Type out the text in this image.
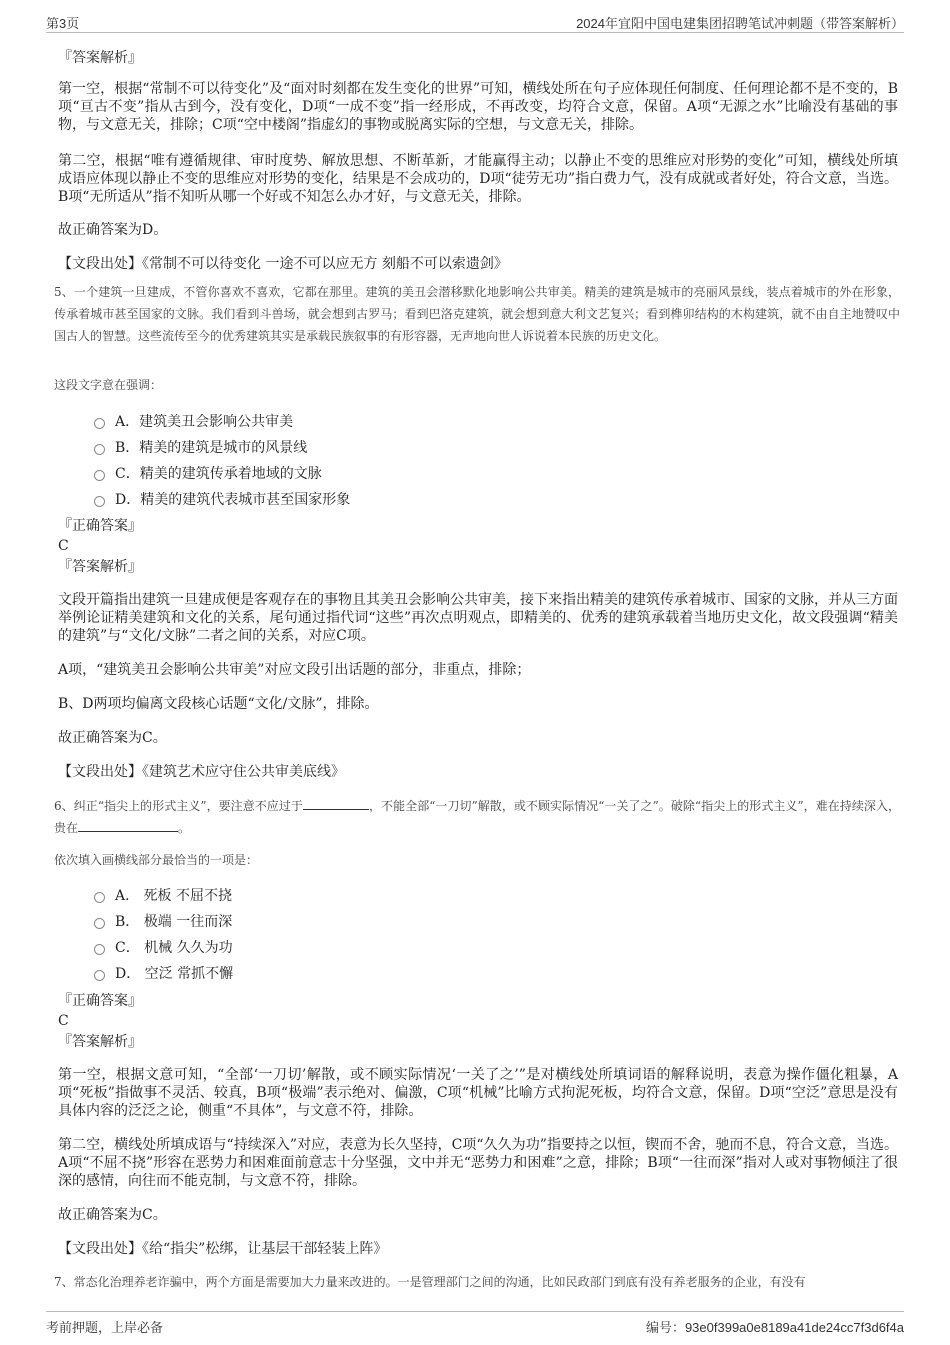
第3页	2024年宜阳中国电建集团招聘笔试冲刺题（带答案解析）

『答案解析』

第一空，根据“常制不可以待变化”及“面对时刻都在发生变化的世界”可知，横线处所在句子应体现任何制度、任何理论都不是不变的，B项“亘古不变”指从古到今，没有变化，D项“一成不变”指一经形成，不再改变，均符合文意，保留。A项“无源之水”比喻没有基础的事物，与文意无关，排除；C项“空中楼阁”指虚幻的事物或脱离实际的空想，与文意无关，排除。

第二空，根据“唯有遵循规律、审时度势、解放思想、不断革新，才能赢得主动；以静止不变的思维应对形势的变化”可知，横线处所填成语应体现以静止不变的思维应对形势的变化，结果是不会成功的，D项“徒劳无功”指白费力气，没有成就或者好处，符合文意，当选。B项“无所适从”指不知听从哪一个好或不知怎么办才好，与文意无关，排除。

故正确答案为D。

【文段出处】《常制不可以待变化 一途不可以应无方 刻船不可以索遗剑》

5、一个建筑一旦建成，不管你喜欢不喜欢，它都在那里。建筑的美丑会潜移默化地影响公共审美。精美的建筑是城市的亮丽风景线，装点着城市的外在形象，传承着城市甚至国家的文脉。我们看到斗兽场，就会想到古罗马；看到巴洛克建筑，就会想到意大利文艺复兴；看到榫卯结构的木构建筑，就不由自主地赞叹中国古人的智慧。这些流传至今的优秀建筑其实是承载民族叙事的有形容器，无声地向世人诉说着本民族的历史文化。

这段文字意在强调：

A．建筑美丑会影响公共审美
B．精美的建筑是城市的风景线
C．精美的建筑传承着地域的文脉
D．精美的建筑代表城市甚至国家形象

『正确答案』

C

『答案解析』

文段开篇指出建筑一旦建成便是客观存在的事物且其美丑会影响公共审美，接下来指出精美的建筑传承着城市、国家的文脉，并从三方面举例论证精美建筑和文化的关系，尾句通过指代词“这些”再次点明观点，即精美的、优秀的建筑承载着当地历史文化，故文段强调“精美的建筑”与“文化/文脉”二者之间的关系，对应C项。

A项，“建筑美丑会影响公共审美”对应文段引出话题的部分，非重点，排除；

B、D两项均偏离文段核心话题“文化/文脉”，排除。

故正确答案为C。

【文段出处】《建筑艺术应守住公共审美底线》

6、纠正“指尖上的形式主义”，要注意不应过于	，不能全部“一刀切”解散，或不顾实际情况“一关了之”。破除“指尖上的形式主义”，难在持续深入，贵在	。

依次填入画横线部分最恰当的一项是：

A． 死板 不屈不挠
B． 极端 一往而深
C． 机械 久久为功
D． 空泛 常抓不懈

『正确答案』

C

『答案解析』

第一空，根据文意可知，“全部‘一刀切’解散，或不顾实际情况‘一关了之’”是对横线处所填词语的解释说明，表意为操作僵化粗暴，A项“死板”指做事不灵活、较真，B项“极端”表示绝对、偏激，C项“机械”比喻方式拘泥死板，均符合文意，保留。D项“空泛”意思是没有具体内容的泛泛之论，侧重“不具体”，与文意不符，排除。

第二空，横线处所填成语与“持续深入”对应，表意为长久坚持，C项“久久为功”指要持之以恒，锲而不舍，驰而不息，符合文意，当选。A项“不屈不挠”形容在恶势力和困难面前意志十分坚强，文中并无“恶势力和困难”之意，排除；B项“一往而深”指对人或对事物倾注了很深的感情，向往而不能克制，与文意不符，排除。

故正确答案为C。

【文段出处】《给“指尖”松绑，让基层干部轻装上阵》

7、常态化治理养老诈骗中，两个方面是需要加大力量来改进的。一是管理部门之间的沟通，比如民政部门到底有没有养老服务的企业，有没有

考前押题，上岸必备	编号：93e0f399a0e8189a41de24cc7f3d6f4a
